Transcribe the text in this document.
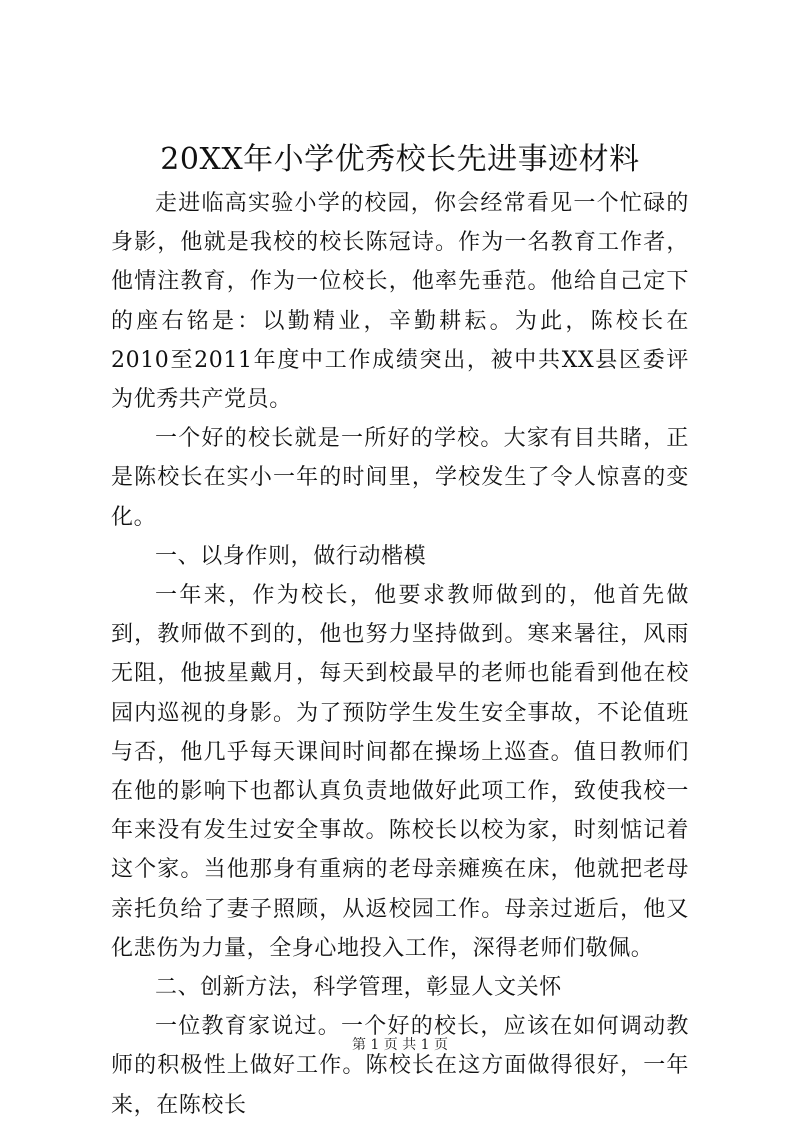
20XX年小学优秀校长先进事迹材料

走进临高实验小学的校园，你会经常看见一个忙碌的身影，他就是我校的校长陈冠诗。作为一名教育工作者，他情注教育，作为一位校长，他率先垂范。他给自己定下的座右铭是：以勤精业，辛勤耕耘。为此，陈校长在2010至2011年度中工作成绩突出，被中共XX县区委评为优秀共产党员。

一个好的校长就是一所好的学校。大家有目共睹，正是陈校长在实小一年的时间里，学校发生了令人惊喜的变化。

一、以身作则，做行动楷模

一年来，作为校长，他要求教师做到的，他首先做到，教师做不到的，他也努力坚持做到。寒来暑往，风雨无阻，他披星戴月，每天到校最早的老师也能看到他在校园内巡视的身影。为了预防学生发生安全事故，不论值班与否，他几乎每天课间时间都在操场上巡查。值日教师们在他的影响下也都认真负责地做好此项工作，致使我校一年来没有发生过安全事故。陈校长以校为家，时刻惦记着这个家。当他那身有重病的老母亲瘫痪在床，他就把老母亲托负给了妻子照顾，从返校园工作。母亲过逝后，他又化悲伤为力量，全身心地投入工作，深得老师们敬佩。

二、创新方法，科学管理，彰显人文关怀

一位教育家说过。一个好的校长，应该在如何调动教师的积极性上做好工作。陈校长在这方面做得很好，一年来，在陈校长

第 1 页 共 1 页
